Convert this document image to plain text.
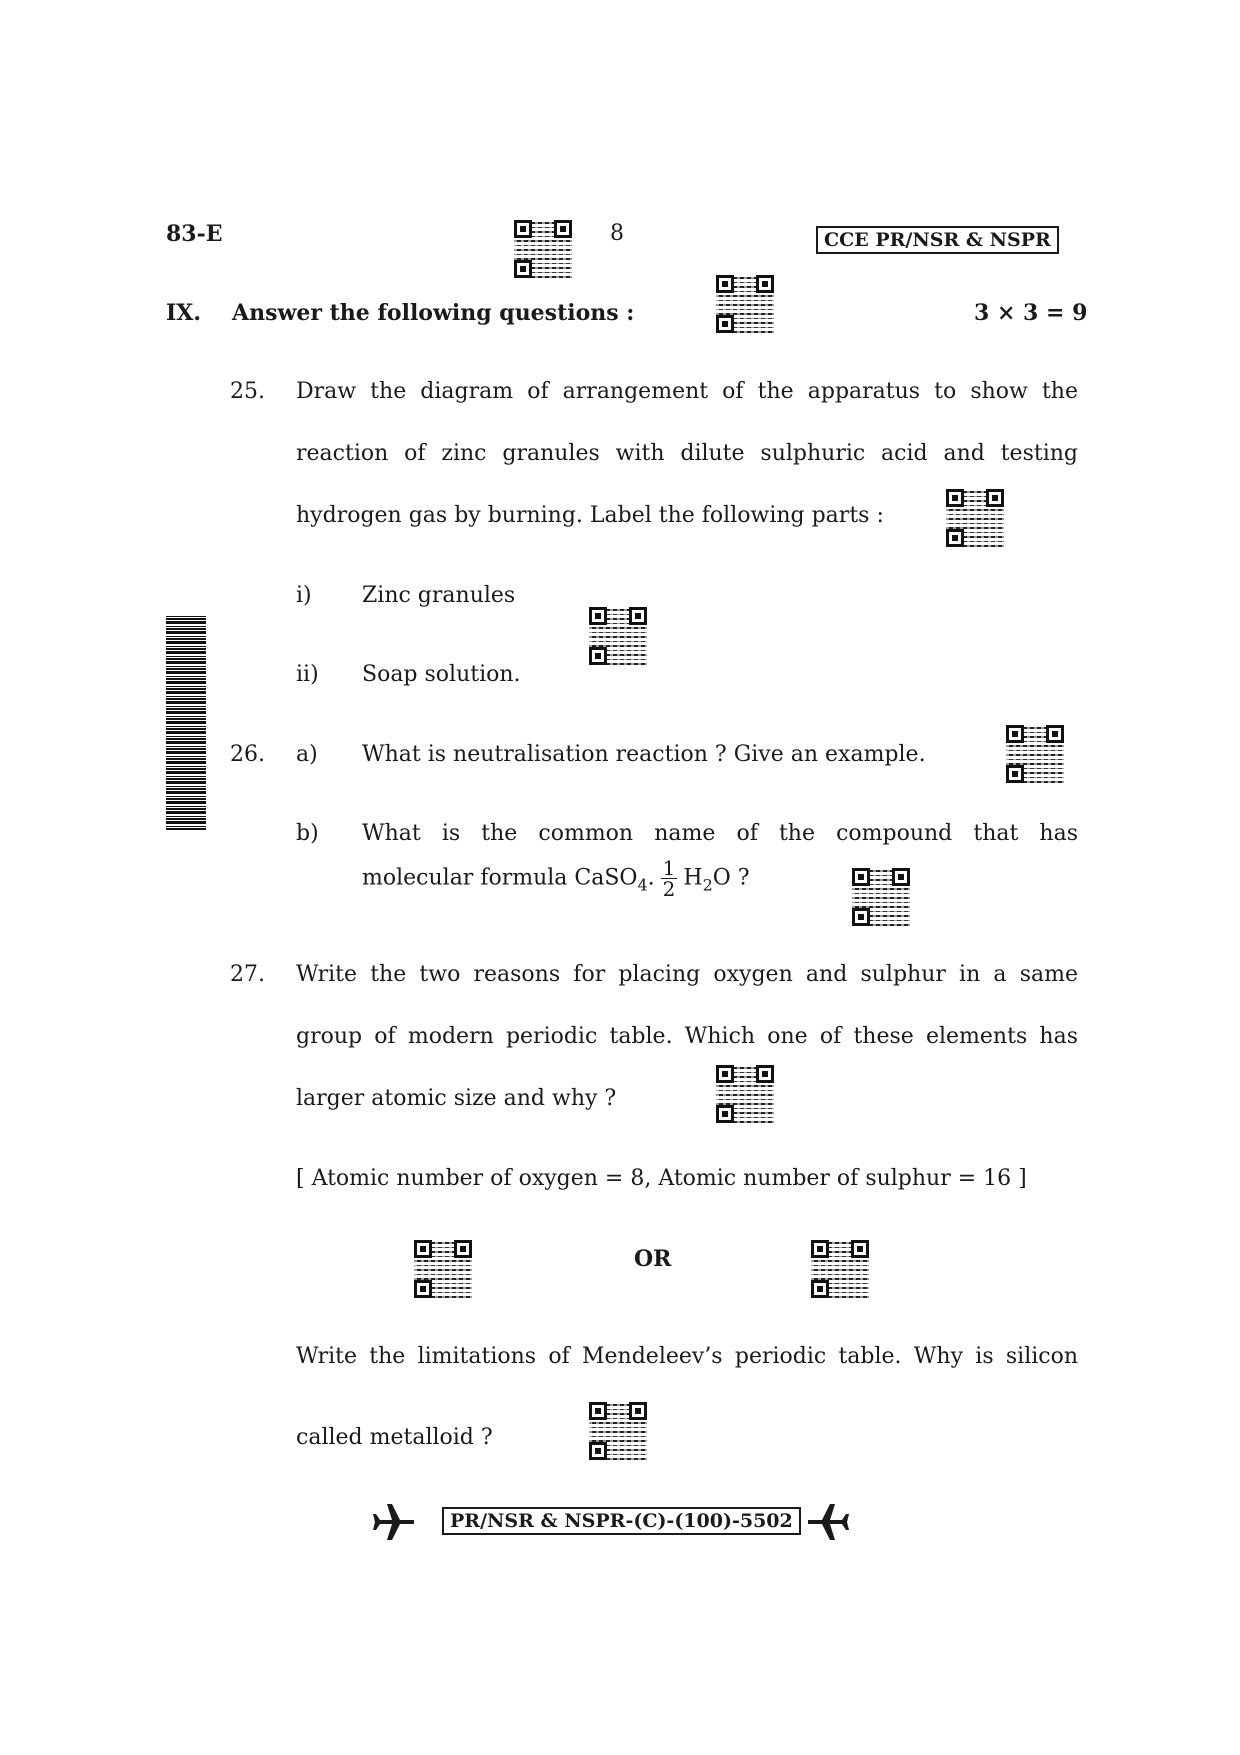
83-E	8	CCE PR/NSR & NSPR
IX. Answer the following questions :	3 × 3 = 9
25. Draw the diagram of arrangement of the apparatus to show the
reaction of zinc granules with dilute sulphuric acid and testing
hydrogen gas by burning. Label the following parts :
i) Zinc granules
ii) Soap solution.
26. a) What is neutralisation reaction ? Give an example.
b) What is the common name of the compound that has
molecular formula CaSO$_4$. $\frac{1}{2} H_2O$ ?
27. Write the two reasons for placing oxygen and sulphur in a same
group of modern periodic table. Which one of these elements has
larger atomic size and why ?
[ Atomic number of oxygen = 8, Atomic number of sulphur = 16 ]
OR
Write the limitations of Mendeleev’s periodic table. Why is silicon
called metalloid ?
PR/NSR & NSPR-(C)-(100)-5502
